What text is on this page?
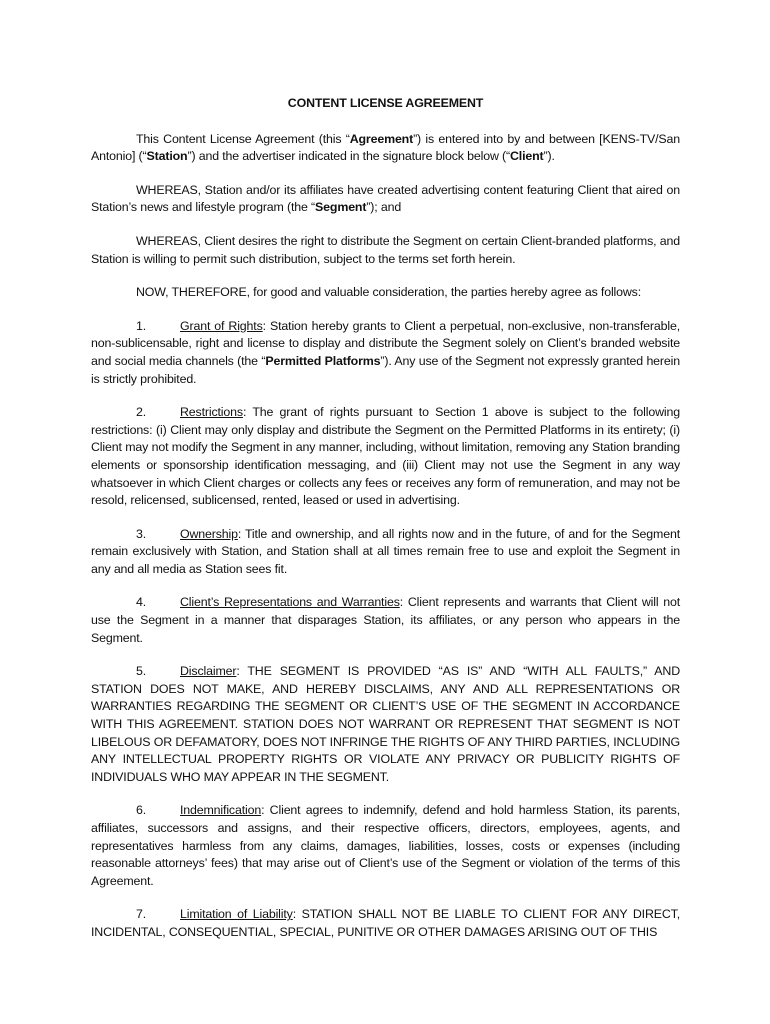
CONTENT LICENSE AGREEMENT

This Content License Agreement (this “Agreement”) is entered into by and between [KENS-TV/San Antonio] (“Station”) and the advertiser indicated in the signature block below (“Client”).

WHEREAS, Station and/or its affiliates have created advertising content featuring Client that aired on Station’s news and lifestyle program (the “Segment”); and

WHEREAS, Client desires the right to distribute the Segment on certain Client-branded platforms, and Station is willing to permit such distribution, subject to the terms set forth herein.

NOW, THEREFORE, for good and valuable consideration, the parties hereby agree as follows:

1.	Grant of Rights: Station hereby grants to Client a perpetual, non-exclusive, non-transferable, non-sublicensable, right and license to display and distribute the Segment solely on Client’s branded website and social media channels (the “Permitted Platforms”). Any use of the Segment not expressly granted herein is strictly prohibited.

2.	Restrictions: The grant of rights pursuant to Section 1 above is subject to the following restrictions: (i) Client may only display and distribute the Segment on the Permitted Platforms in its entirety; (i) Client may not modify the Segment in any manner, including, without limitation, removing any Station branding elements or sponsorship identification messaging, and (iii) Client may not use the Segment in any way whatsoever in which Client charges or collects any fees or receives any form of remuneration, and may not be resold, relicensed, sublicensed, rented, leased or used in advertising.

3.	Ownership: Title and ownership, and all rights now and in the future, of and for the Segment remain exclusively with Station, and Station shall at all times remain free to use and exploit the Segment in any and all media as Station sees fit.

4.	Client’s Representations and Warranties: Client represents and warrants that Client will not use the Segment in a manner that disparages Station, its affiliates, or any person who appears in the Segment.

5.	Disclaimer: THE SEGMENT IS PROVIDED “AS IS” AND “WITH ALL FAULTS,” AND STATION DOES NOT MAKE, AND HEREBY DISCLAIMS, ANY AND ALL REPRESENTATIONS OR WARRANTIES REGARDING THE SEGMENT OR CLIENT’S USE OF THE SEGMENT IN ACCORDANCE WITH THIS AGREEMENT. STATION DOES NOT WARRANT OR REPRESENT THAT SEGMENT IS NOT LIBELOUS OR DEFAMATORY, DOES NOT INFRINGE THE RIGHTS OF ANY THIRD PARTIES, INCLUDING ANY INTELLECTUAL PROPERTY RIGHTS OR VIOLATE ANY PRIVACY OR PUBLICITY RIGHTS OF INDIVIDUALS WHO MAY APPEAR IN THE SEGMENT.

6.	Indemnification: Client agrees to indemnify, defend and hold harmless Station, its parents, affiliates, successors and assigns, and their respective officers, directors, employees, agents, and representatives harmless from any claims, damages, liabilities, losses, costs or expenses (including reasonable attorneys’ fees) that may arise out of Client’s use of the Segment or violation of the terms of this Agreement.

7.	Limitation of Liability: STATION SHALL NOT BE LIABLE TO CLIENT FOR ANY DIRECT, INCIDENTAL, CONSEQUENTIAL, SPECIAL, PUNITIVE OR OTHER DAMAGES ARISING OUT OF THIS
